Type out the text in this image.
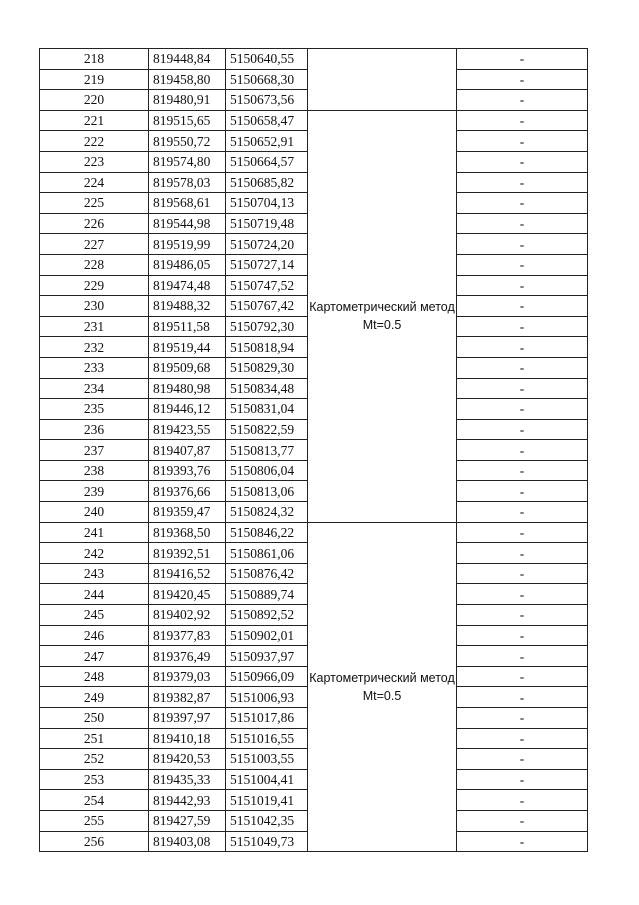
218	819448,84	5150640,55		-
219	819458,80	5150668,30		-
220	819480,91	5150673,56		-
221	819515,65	5150658,47	Картометрический метод Mt=0.5	-
222	819550,72	5150652,91		-
223	819574,80	5150664,57		-
224	819578,03	5150685,82		-
225	819568,61	5150704,13		-
226	819544,98	5150719,48		-
227	819519,99	5150724,20		-
228	819486,05	5150727,14		-
229	819474,48	5150747,52		-
230	819488,32	5150767,42		-
231	819511,58	5150792,30		-
232	819519,44	5150818,94		-
233	819509,68	5150829,30		-
234	819480,98	5150834,48		-
235	819446,12	5150831,04		-
236	819423,55	5150822,59		-
237	819407,87	5150813,77		-
238	819393,76	5150806,04		-
239	819376,66	5150813,06		-
240	819359,47	5150824,32		-
241	819368,50	5150846,22	Картометрический метод Mt=0.5	-
242	819392,51	5150861,06		-
243	819416,52	5150876,42		-
244	819420,45	5150889,74		-
245	819402,92	5150892,52		-
246	819377,83	5150902,01		-
247	819376,49	5150937,97		-
248	819379,03	5150966,09		-
249	819382,87	5151006,93		-
250	819397,97	5151017,86		-
251	819410,18	5151016,55		-
252	819420,53	5151003,55		-
253	819435,33	5151004,41		-
254	819442,93	5151019,41		-
255	819427,59	5151042,35		-
256	819403,08	5151049,73		-
